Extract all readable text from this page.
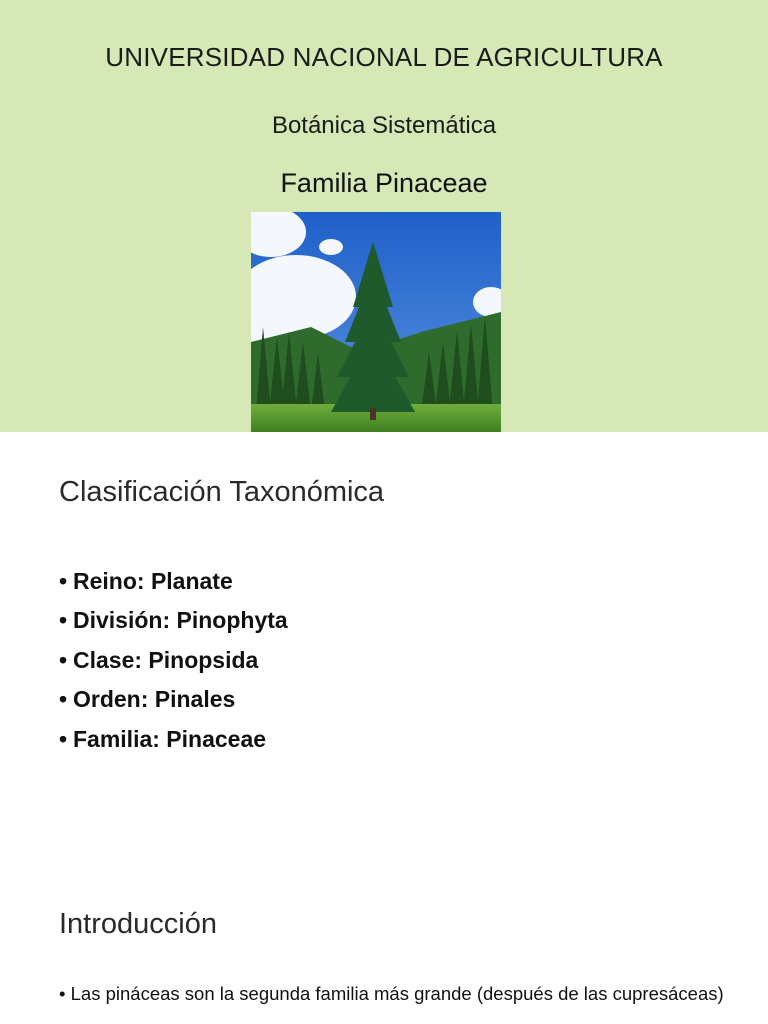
UNIVERSIDAD NACIONAL DE AGRICULTURA
Botánica Sistemática
Familia Pinaceae
Clasificación Taxonómica
• Reino: Planate
• División: Pinophyta
• Clase: Pinopsida
• Orden: Pinales
• Familia: Pinaceae
Introducción
• Las pináceas son la segunda familia más grande (después de las cupresáceas)
